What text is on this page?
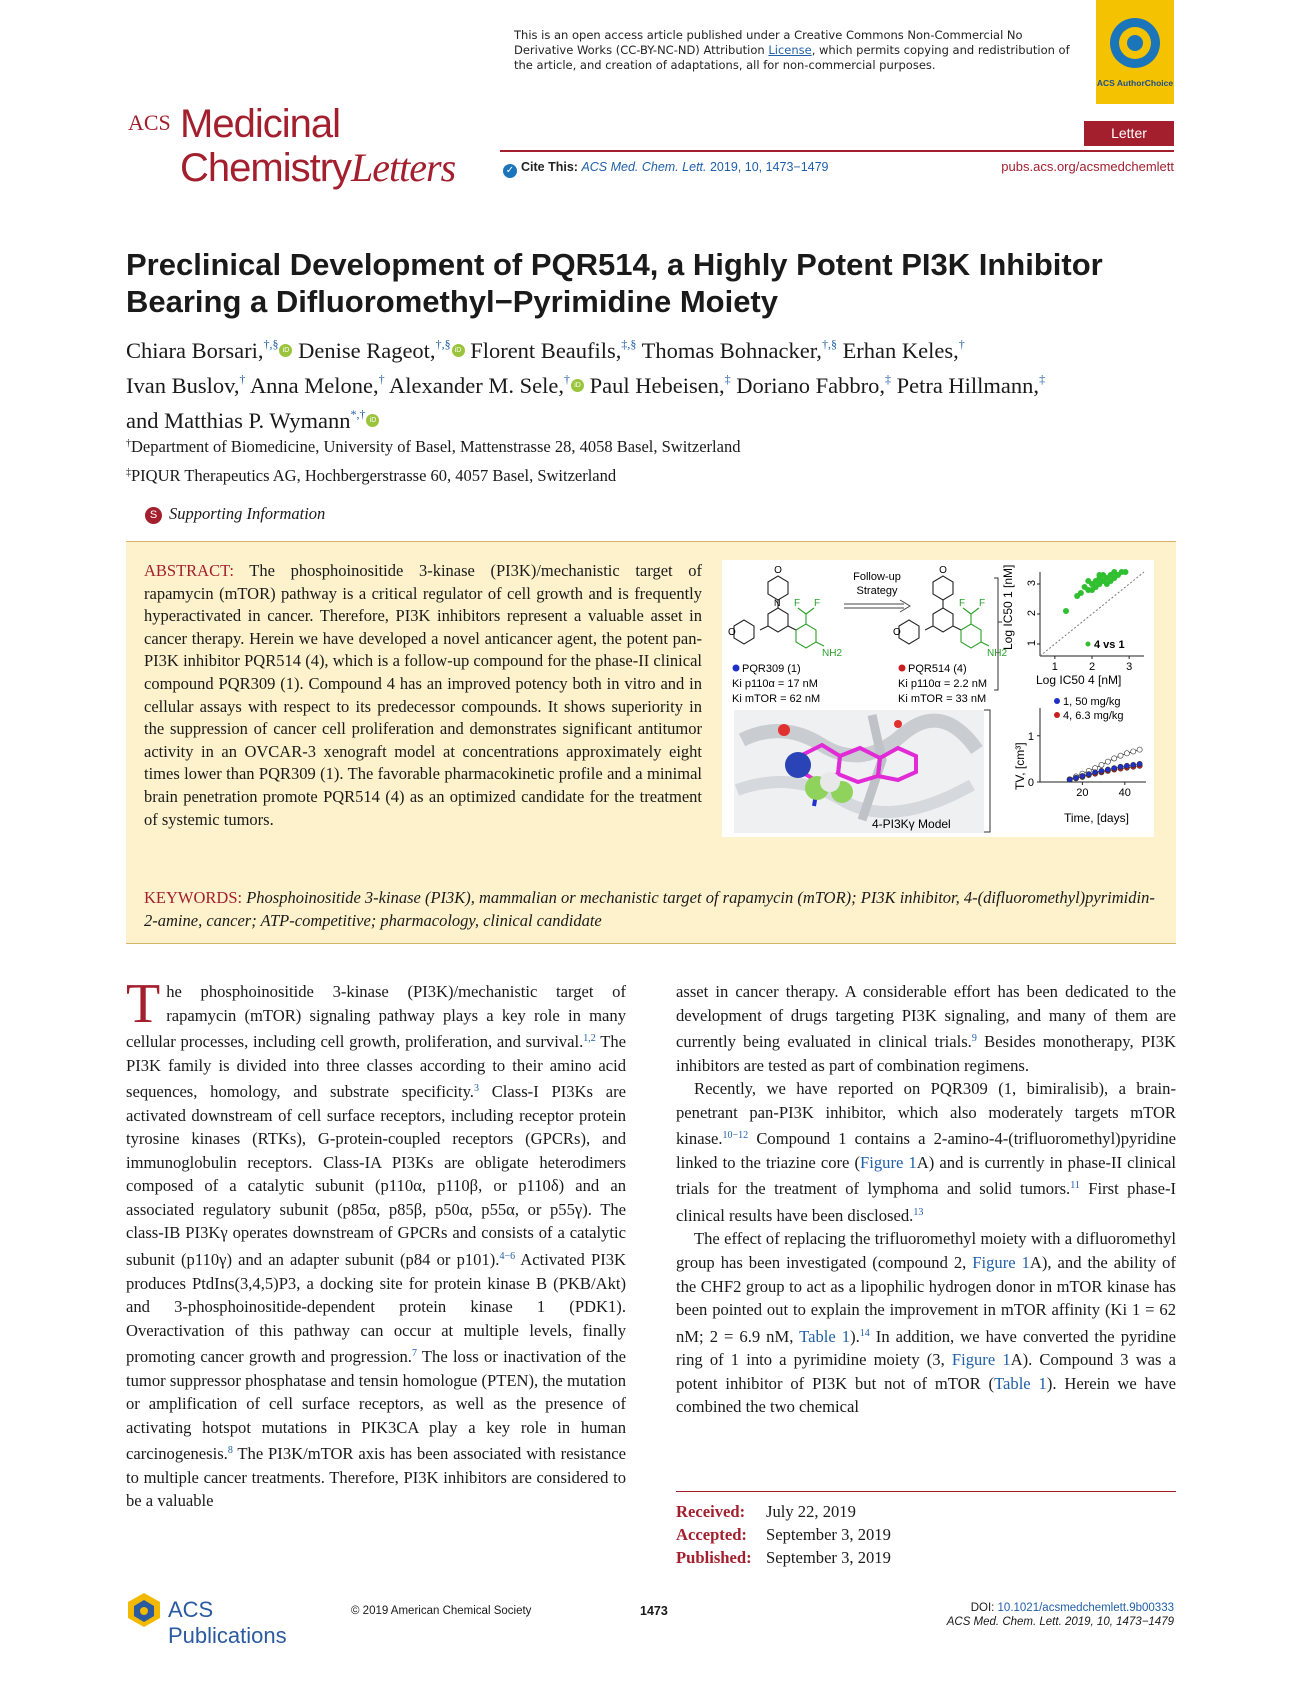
This is an open access article published under a Creative Commons Non-Commercial No Derivative Works (CC-BY-NC-ND) Attribution License, which permits copying and redistribution of the article, and creation of adaptations, all for non-commercial purposes.
ACS AuthorChoice
ACS Medicinal
ChemistryLetters
Letter
✓ Cite This: ACS Med. Chem. Lett. 2019, 10, 1473−1479	pubs.acs.org/acsmedchemlett
Preclinical Development of PQR514, a Highly Potent PI3K Inhibitor Bearing a Difluoromethyl−Pyrimidine Moiety
Chiara Borsari,†,§ iD Denise Rageot,†,§ iD Florent Beaufils,‡,§ Thomas Bohnacker,†,§ Erhan Keles,†
Ivan Buslov,† Anna Melone,† Alexander M. Sele,† iD Paul Hebeisen,‡ Doriano Fabbro,‡ Petra Hillmann,‡
and Matthias P. Wymann*,† iD
†Department of Biomedicine, University of Basel, Mattenstrasse 28, 4058 Basel, Switzerland
‡PIQUR Therapeutics AG, Hochbergerstrasse 60, 4057 Basel, Switzerland
S Supporting Information
ABSTRACT: The phosphoinositide 3-kinase (PI3K)/mechanistic target of rapamycin (mTOR) pathway is a critical regulator of cell growth and is frequently hyperactivated in cancer. Therefore, PI3K inhibitors represent a valuable asset in cancer therapy. Herein we have developed a novel anticancer agent, the potent pan-PI3K inhibitor PQR514 (4), which is a follow-up compound for the phase-II clinical compound PQR309 (1). Compound 4 has an improved potency both in vitro and in cellular assays with respect to its predecessor compounds. It shows superiority in the suppression of cancer cell proliferation and demonstrates significant antitumor activity in an OVCAR-3 xenograft model at concentrations approximately eight times lower than PQR309 (1). The favorable pharmacokinetic profile and a minimal brain penetration promote PQR514 (4) as an optimized candidate for the treatment of systemic tumors.
O
O
N F F
NH2
PQR309 (1)
Ki p110α = 17 nM
Ki mTOR = 62 nM
Follow-up
Strategy
O
O
F F
NH2
PQR514 (4)
Ki p110α = 2.2 nM
Ki mTOR = 33 nM
4-PI3Kγ Model
1	2	3
1
2
3
4 vs 1
Log IC50 4 [nM]
Log IC50 1 [nM]
20	40
0
1
1, 50 mg/kg
4, 6.3 mg/kg
Time, [days]
TV, [cm³]
KEYWORDS: Phosphoinositide 3-kinase (PI3K), mammalian or mechanistic target of rapamycin (mTOR); PI3K inhibitor, 4-(difluoromethyl)pyrimidin-2-amine, cancer; ATP-competitive; pharmacology, clinical candidate

The phosphoinositide 3-kinase (PI3K)/mechanistic target of rapamycin (mTOR) signaling pathway plays a key role in many cellular processes, including cell growth, proliferation, and survival.$^{1,2}$ The PI3K family is divided into three classes according to their amino acid sequences, homology, and substrate specificity.$^3$ Class-I PI3Ks are activated downstream of cell surface receptors, including receptor protein tyrosine kinases (RTKs), G-protein-coupled receptors (GPCRs), and immunoglobulin receptors. Class-IA PI3Ks are obligate heterodimers composed of a catalytic subunit (p110α, p110β, or p110δ) and an associated regulatory subunit (p85α, p85β, p50α, p55α, or p55γ). The class-IB PI3Kγ operates downstream of GPCRs and consists of a catalytic subunit (p110γ) and an adapter subunit (p84 or p101).$^{4-6}$ Activated PI3K produces PtdIns(3,4,5)P3, a docking site for protein kinase B (PKB/Akt) and 3-phosphoinositide-dependent protein kinase 1 (PDK1). Overactivation of this pathway can occur at multiple levels, finally promoting cancer growth and progression.$^7$ The loss or inactivation of the tumor suppressor phosphatase and tensin homologue (PTEN), the mutation or amplification of cell surface receptors, as well as the presence of activating hotspot mutations in PIK3CA play a key role in human carcinogenesis.$^8$ The PI3K/mTOR axis has been associated with resistance to multiple cancer treatments. Therefore, PI3K inhibitors are considered to be a valuable

asset in cancer therapy. A considerable effort has been dedicated to the development of drugs targeting PI3K signaling, and many of them are currently being evaluated in clinical trials.$^9$ Besides monotherapy, PI3K inhibitors are tested as part of combination regimens.

Recently, we have reported on PQR309 (1, bimiralisib), a brain-penetrant pan-PI3K inhibitor, which also moderately targets mTOR kinase.$^{10-12}$ Compound 1 contains a 2-amino-4-(trifluoromethyl)pyridine linked to the triazine core (Figure 1A) and is currently in phase-II clinical trials for the treatment of lymphoma and solid tumors.$^{11}$ First phase-I clinical results have been disclosed.$^{13}$

The effect of replacing the trifluoromethyl moiety with a difluoromethyl group has been investigated (compound 2, Figure 1A), and the ability of the CHF2 group to act as a lipophilic hydrogen donor in mTOR kinase has been pointed out to explain the improvement in mTOR affinity (Ki 1 = 62 nM; 2 = 6.9 nM, Table 1).$^{14}$ In addition, we have converted the pyridine ring of 1 into a pyrimidine moiety (3, Figure 1A). Compound 3 was a potent inhibitor of PI3K but not of mTOR (Table 1). Herein we have combined the two chemical

Received: July 22, 2019
Accepted: September 3, 2019
Published: September 3, 2019
ACS Publications
© 2019 American Chemical Society	1473	DOI: 10.1021/acsmedchemlett.9b00333
ACS Med. Chem. Lett. 2019, 10, 1473−1479
